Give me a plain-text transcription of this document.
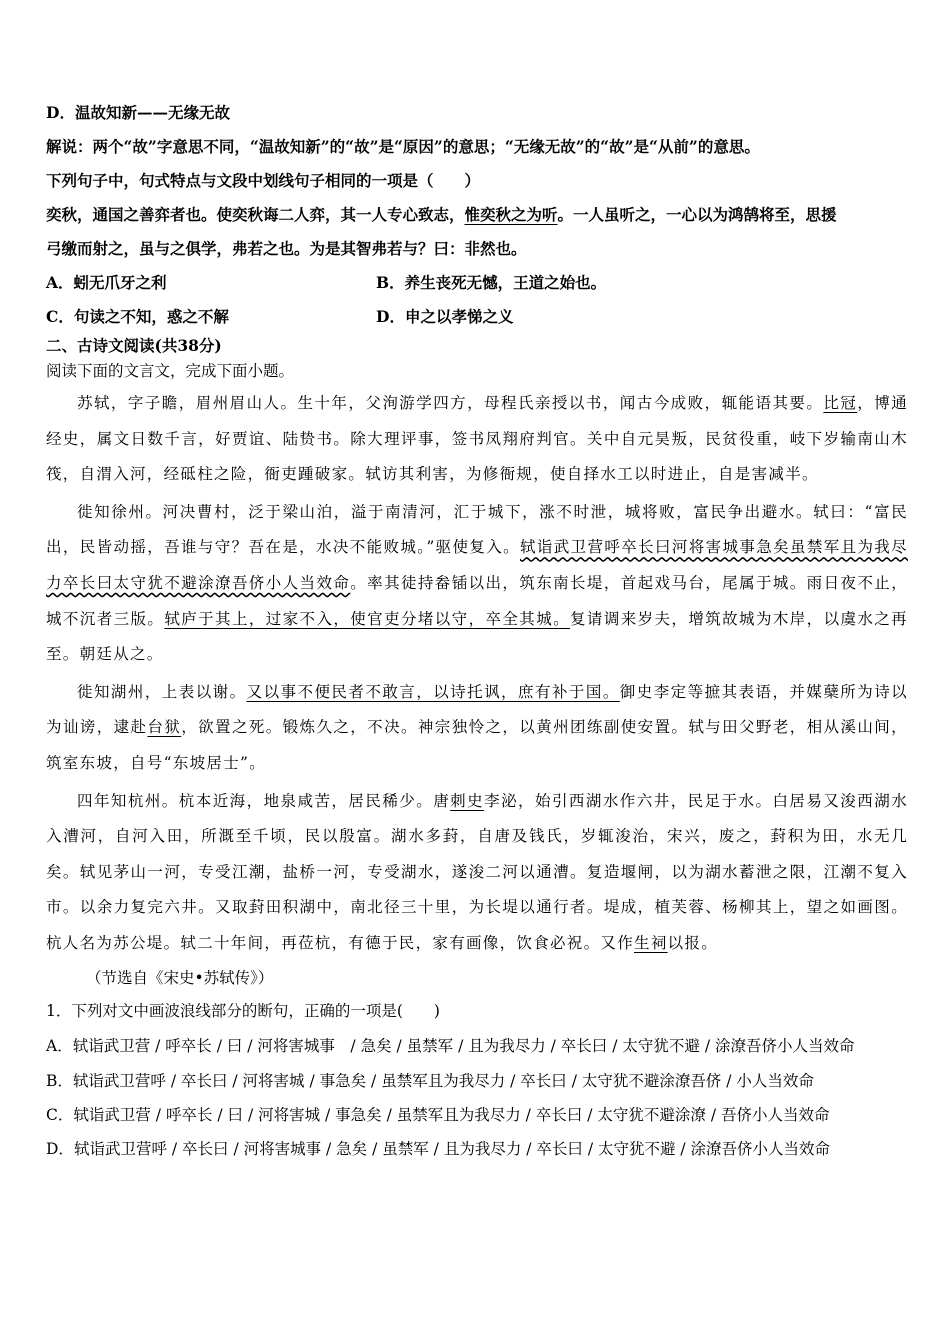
D．温故知新——无缘无故
解说：两个“故”字意思不同，“温故知新”的“故”是“原因”的意思；“无缘无故”的“故”是“从前”的意思。
下列句子中，句式特点与文段中划线句子相同的一项是（　　）
奕秋，通国之善弈者也。使奕秋诲二人弈，其一人专心致志，惟奕秋之为听。一人虽听之，一心以为鸿鹄将至，思援
弓缴而射之，虽与之俱学，弗若之也。为是其智弗若与？曰：非然也。
A．蚓无爪牙之利	B．养生丧死无憾，王道之始也。
C．句读之不知，惑之不解	D．申之以孝悌之义
二、古诗文阅读(共38分)
阅读下面的文言文，完成下面小题。

苏轼，字子瞻，眉州眉山人。生十年，父洵游学四方，母程氏亲授以书，闻古今成败，辄能语其要。比冠，博通经史，属文日数千言，好贾谊、陆贽书。除大理评事，签书凤翔府判官。关中自元昊叛，民贫役重，岐下岁输南山木筏，自渭入河，经砥柱之险，衙吏踵破家。轼访其利害，为修衙规，使自择水工以时进止，自是害减半。

徙知徐州。河决曹村，泛于梁山泊，溢于南清河，汇于城下，涨不时泄，城将败，富民争出避水。轼曰：“富民出，民皆动摇，吾谁与守？吾在是，水决不能败城。”驱使复入。轼诣武卫营呼卒长曰河将害城事急矣虽禁军且为我尽力卒长曰太守犹不避涂潦吾侪小人当效命。率其徒持畚锸以出，筑东南长堤，首起戏马台，尾属于城。雨日夜不止，城不沉者三版。轼庐于其上，过家不入，使官吏分堵以守，卒全其城。复请调来岁夫，增筑故城为木岸，以虞水之再至。朝廷从之。

徙知湖州，上表以谢。又以事不便民者不敢言，以诗托讽，庶有补于国。御史李定等摭其表语，并媒蘖所为诗以为讪谤，逮赴台狱，欲置之死。锻炼久之，不决。神宗独怜之，以黄州团练副使安置。轼与田父野老，相从溪山间，筑室东坡，自号“东坡居士”。

四年知杭州。杭本近海，地泉咸苦，居民稀少。唐刺史李泌，始引西湖水作六井，民足于水。白居易又浚西湖水入漕河，自河入田，所溉至千顷，民以殷富。湖水多葑，自唐及钱氏，岁辄浚治，宋兴，废之，葑积为田，水无几矣。轼见茅山一河，专受江潮，盐桥一河，专受湖水，遂浚二河以通漕。复造堰闸，以为湖水蓄泄之限，江潮不复入市。以余力复完六井。又取葑田积湖中，南北径三十里，为长堤以通行者。堤成，植芙蓉、杨柳其上，望之如画图。杭人名为苏公堤。轼二十年间，再莅杭，有德于民，家有画像，饮食必祝。又作生祠以报。

（节选自《宋史•苏轼传》）
1．下列对文中画波浪线部分的断句，正确的一项是(　　)
A．轼诣武卫营 / 呼卒长 / 曰 / 河将害城事　/ 急矣 / 虽禁军 / 且为我尽力 / 卒长曰 / 太守犹不避 / 涂潦吾侪小人当效命
B．轼诣武卫营呼 / 卒长曰 / 河将害城 / 事急矣 / 虽禁军且为我尽力 / 卒长曰 / 太守犹不避涂潦吾侪 / 小人当效命
C．轼诣武卫营 / 呼卒长 / 曰 / 河将害城 / 事急矣 / 虽禁军且为我尽力 / 卒长曰 / 太守犹不避涂潦 / 吾侪小人当效命
D．轼诣武卫营呼 / 卒长曰 / 河将害城事 / 急矣 / 虽禁军 / 且为我尽力 / 卒长曰 / 太守犹不避 / 涂潦吾侪小人当效命
